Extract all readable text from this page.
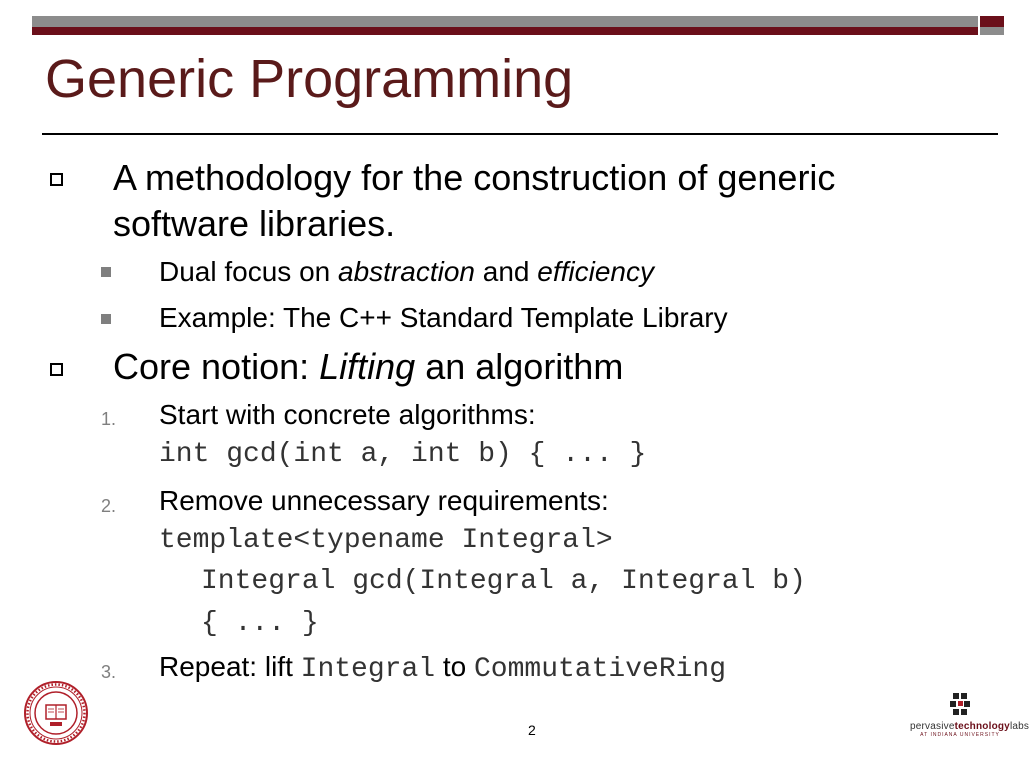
Generic Programming
A methodology for the construction of generic
software libraries.
Dual focus on abstraction and efficiency
Example: The C++ Standard Template Library
Core notion: Lifting an algorithm
1. Start with concrete algorithms:
int gcd(int a, int b) { ... }
2. Remove unnecessary requirements:
template<typename Integral>
Integral gcd(Integral a, Integral b)
{ ... }
3. Repeat: lift Integral to CommutativeRing
2	pervasivetechnologylabs
AT INDIANA UNIVERSITY
